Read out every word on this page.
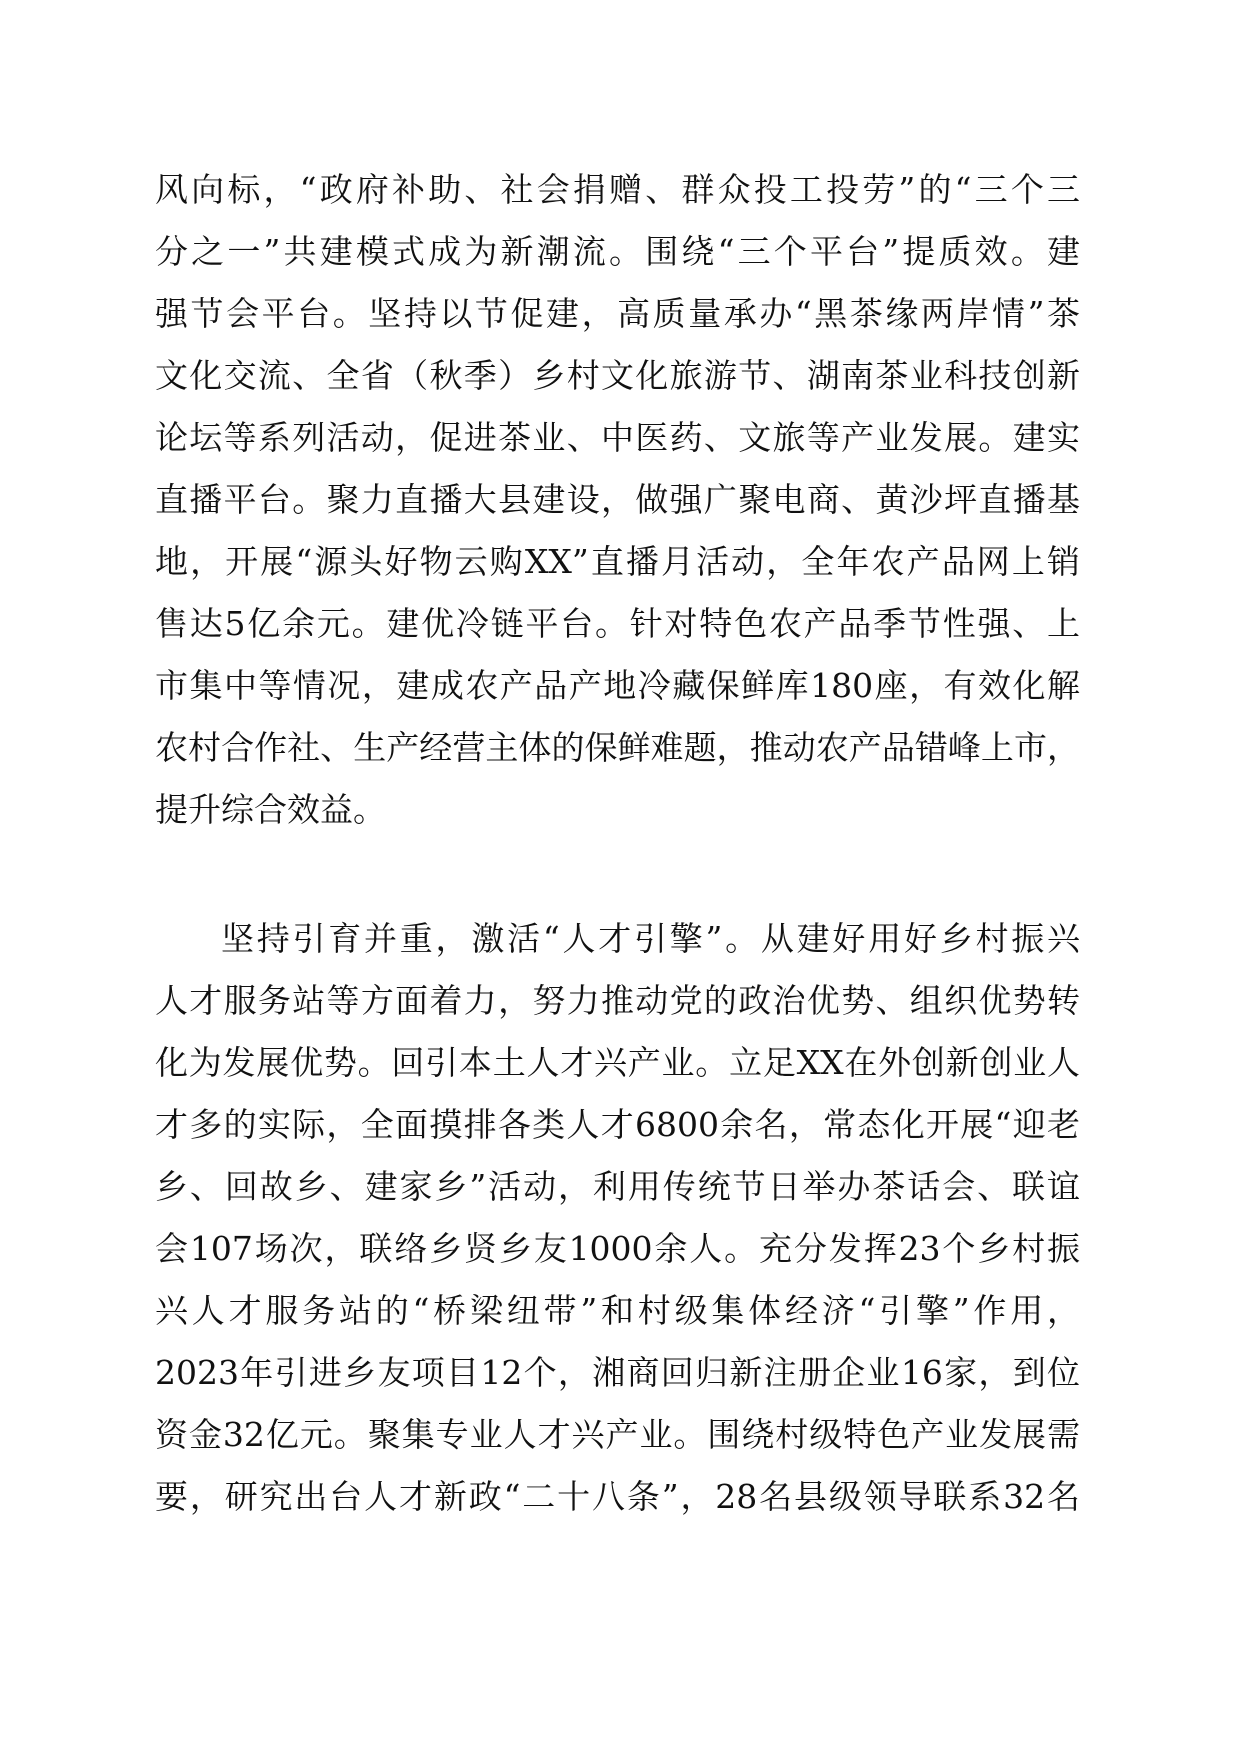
风向标，“政府补助、社会捐赠、群众投工投劳”的“三个三
分之一”共建模式成为新潮流。围绕“三个平台”提质效。建
强节会平台。坚持以节促建，高质量承办“黑茶缘两岸情”茶
文化交流、全省（秋季）乡村文化旅游节、湖南茶业科技创新
论坛等系列活动，促进茶业、中医药、文旅等产业发展。建实
直播平台。聚力直播大县建设，做强广聚电商、黄沙坪直播基
地，开展“源头好物云购XX”直播月活动，全年农产品网上销
售达5亿余元。建优冷链平台。针对特色农产品季节性强、上
市集中等情况，建成农产品产地冷藏保鲜库180座，有效化解
农村合作社、生产经营主体的保鲜难题，推动农产品错峰上市，
提升综合效益。
坚持引育并重，激活“人才引擎”。从建好用好乡村振兴
人才服务站等方面着力，努力推动党的政治优势、组织优势转
化为发展优势。回引本土人才兴产业。立足XX在外创新创业人
才多的实际，全面摸排各类人才6800余名，常态化开展“迎老
乡、回故乡、建家乡”活动，利用传统节日举办茶话会、联谊
会107场次，联络乡贤乡友1000余人。充分发挥23个乡村振
兴人才服务站的“桥梁纽带”和村级集体经济“引擎”作用，
2023年引进乡友项目12个，湘商回归新注册企业16家，到位
资金32亿元。聚集专业人才兴产业。围绕村级特色产业发展需
要，研究出台人才新政“二十八条”，28名县级领导联系32名
